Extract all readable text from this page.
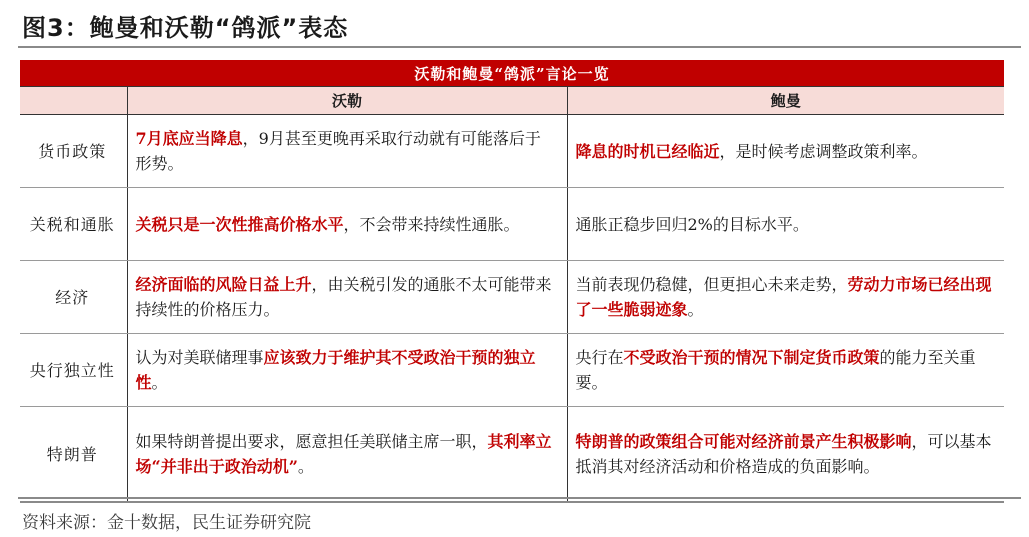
图3：鲍曼和沃勒“鸽派”表态
沃勒和鲍曼“鸽派”言论一览		
	沃勒	鲍曼
货币政策	7月底应当降息，9月甚至更晚再采取行动就有可能落后于形势。	降息的时机已经临近，是时候考虑调整政策利率。
关税和通胀	关税只是一次性推高价格水平，不会带来持续性通胀。	通胀正稳步回归2%的目标水平。
经济	经济面临的风险日益上升，由关税引发的通胀不太可能带来持续性的价格压力。	当前表现仍稳健，但更担心未来走势，劳动力市场已经出现了一些脆弱迹象。
央行独立性	认为对美联储理事应该致力于维护其不受政治干预的独立性。	央行在不受政治干预的情况下制定货币政策的能力至关重要。
特朗普	如果特朗普提出要求，愿意担任美联储主席一职，其利率立场“并非出于政治动机”。	特朗普的政策组合可能对经济前景产生积极影响，可以基本抵消其对经济活动和价格造成的负面影响。
资料来源：金十数据，民生证券研究院
